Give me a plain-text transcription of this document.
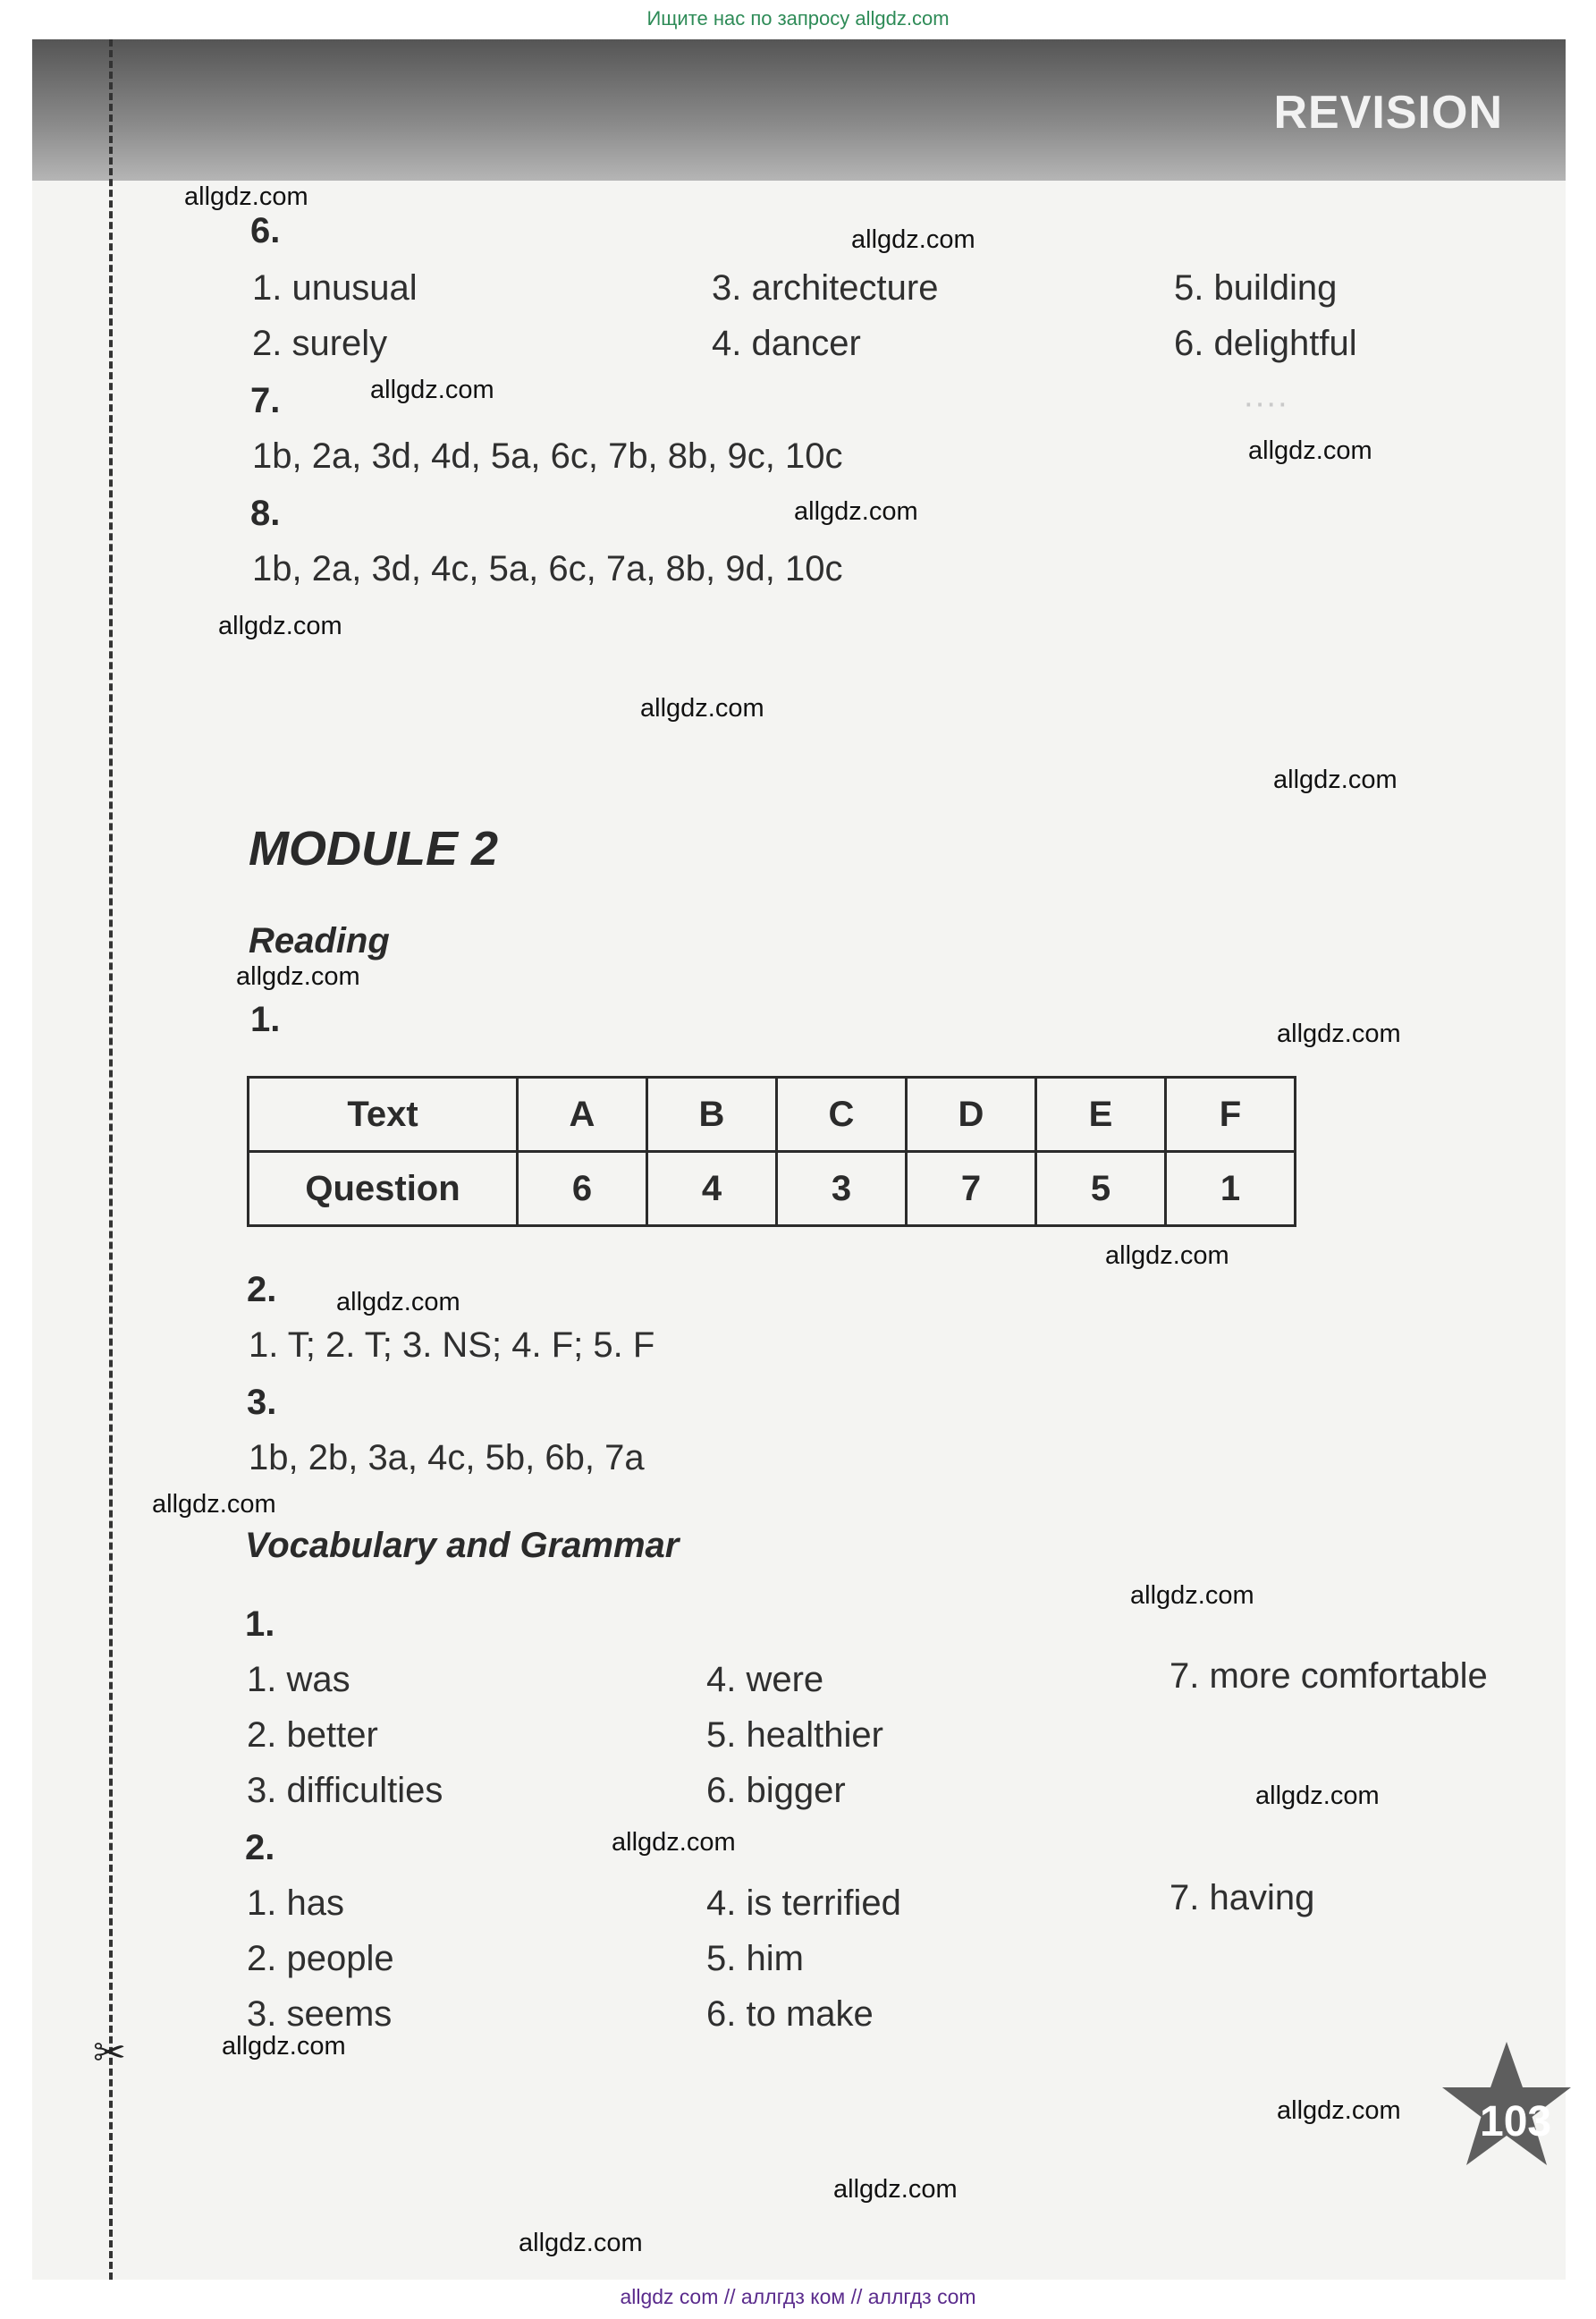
Ищите нас по запросу allgdz.com
REVISION
····
✂
6.
1. unusual
2. surely
3. architecture
4. dancer
5. building
6. delightful
7.
1b, 2a, 3d, 4d, 5a, 6c, 7b, 8b, 9c, 10c
8.
1b, 2a, 3d, 4c, 5a, 6c, 7a, 8b, 9d, 10c
MODULE 2
Reading
1.
Text	A	B	C	D	E	F
Question	6	4	3	7	5	1
2.
1. T; 2. T; 3. NS; 4. F; 5. F
3.
1b, 2b, 3a, 4c, 5b, 6b, 7a
Vocabulary and Grammar
1.
1. was
2. better
3. difficulties
4. were
5. healthier
6. bigger
7. more comfortable
2.
1. has
2. people
3. seems
4. is terrified
5. him
6. to make
7. having
103
allgdz.com
allgdz.com
allgdz.com
allgdz.com
allgdz.com
allgdz.com
allgdz.com
allgdz.com
allgdz.com
allgdz.com
allgdz.com
allgdz.com
allgdz.com
allgdz.com
allgdz.com
allgdz.com
allgdz.com
allgdz.com
allgdz.com
allgdz.com
allgdz com // аллгдз ком // аллгдз com
